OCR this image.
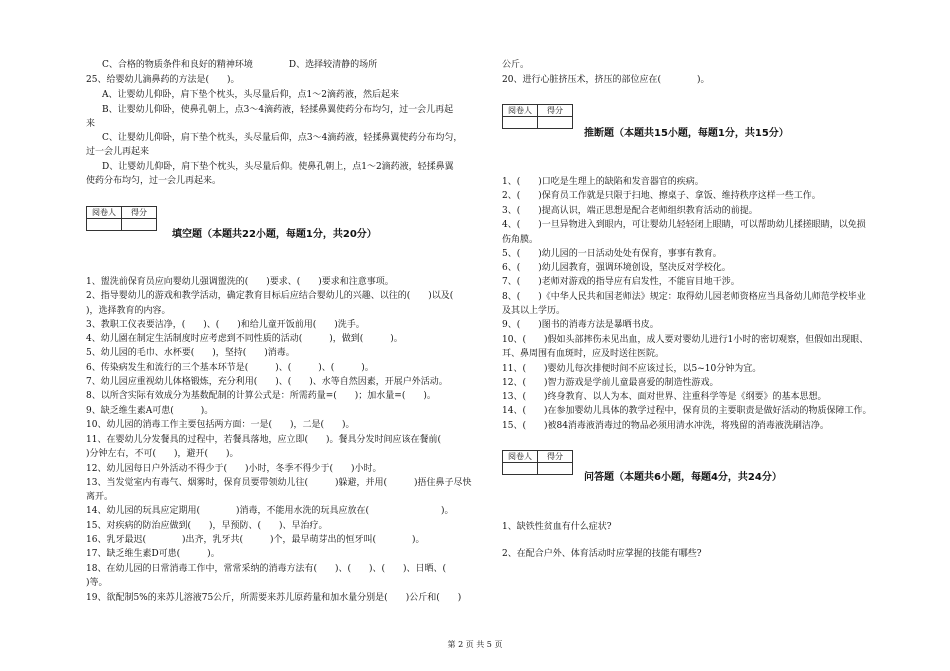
C、合格的物质条件和良好的精神环境　　　　D、选择较清静的场所
25、给婴幼儿滴鼻药的方法是(　　)。
A、让婴幼儿仰卧，肩下垫个枕头，头尽量后仰，点1～2滴药液，然后起来
B、让婴幼儿仰卧，使鼻孔朝上，点3～4滴药液，轻揉鼻翼使药分布均匀，过一会儿再起
来
C、让婴幼儿仰卧，肩下垫个枕头，头尽量后仰，点3～4滴药液，轻揉鼻翼使药分布均匀，
过一会儿再起来
D、让婴幼儿仰卧，肩下垫个枕头，头尽量后仰。使鼻孔朝上，点1～2滴药液，轻揉鼻翼
使药分布均匀，过一会儿再起来。
阅卷人	得分

填空题（本题共22小题，每题1分，共20分）
1、盥洗前保育员应向婴幼儿强调盥洗的(　　)要求、(　　)要求和注意事项。
2、指导婴幼儿的游戏和教学活动，确定教育目标后应结合婴幼儿的兴趣、以往的(　　)以及(
)，选择教育的内容。
3、教职工仪表要洁净，(　　)、(　　)和给儿童开饭前用(　　)洗手。
4、幼儿園在制定生活制度时应考虑到不同性质的活动(　　　)，做到(　　　)。
5、幼儿园的毛巾、水杯要(　　)，坚持(　　)消毒。
6、传染病发生和流行的三个基本环节是(　　　)、(　　　)、(　　　)。
7、幼儿园应重视幼儿体格锻炼，充分利用(　　)、(　　)、水等自然因素，开展户外活动。
8、以所含实际有效成分为基数配制的计算公式是：所需药量=(　　)；加水量=(　　)。
9、缺乏维生素A可患(　　　)。
10、幼儿园的消毒工作主要包括两方面：一是(　　)，二是(　　)。
11、在婴幼儿分发餐具的过程中，若餐具落地，应立即(　　)。餐具分发时间应该在餐前(
)分钟左右，不可(　　)，避开(　　)。
12、幼儿园每日户外活动不得少于(　　)小时，冬季不得少于(　　)小时。
13、当发觉室内有毒气、烟雾时，保育员要带领幼儿往(　　　)躲避，并用(　　　)捂住鼻子尽快
离开。
14、幼儿园的玩具应定期用(　　　　)消毒，不能用水洗的玩具应放在(　　　　　　　　)。
15、对疾病的防治应做到(　　)，早预防、(　　)、早治疗。
16、乳牙最迟(　　　　)出齐，乳牙共(　　　)个，最早萌芽出的恒牙叫(　　　　)。
17、缺乏维生素D可患(　　　)。
18、在幼儿园的日常消毒工作中，常常采纳的消毒方法有(　　)、(　　)、(　　)、日晒、(　　
)等。
19、欲配制5%的来苏儿溶液75公斤，所需要来苏儿原药量和加水量分别是(　　)公斤和(　　)
公斤。
20、进行心脏挤压术，挤压的部位应在(　　　　)。
阅卷人	得分

推断题（本题共15小题，每题1分，共15分）
1、(　　)口吃是生理上的缺陷和发音器官的疾病。
2、(　　)保育员工作就是只限于扫地、擦桌子、拿饭、维持秩序这样一些工作。
3、(　　)提高认识，端正思想是配合老师组织教育活动的前提。
4、(　　)一旦异物进入到眼内，可让婴幼儿轻轻闭上眼睛，可以帮助幼儿揉搓眼睛，以免损
伤角膜。
5、(　　)幼儿园的一日活动处处有保育，事事有教育。
6、(　　)幼儿园教育，强调环境创设，坚决反对学校化。
7、(　　)老师对游戏的指导应有启发性，不能盲目地干涉。
8、(　　)《中华人民共和国老师法》规定：取得幼儿园老师资格应当具备幼儿师范学校毕业
及其以上学历。
9、(　　)图书的消毒方法是暴晒书皮。
10、(　　)假如头部摔伤未见出血，成人要对婴幼儿进行1小时的密切观察，但假如出现眼、
耳、鼻周围有血斑时，应及时送往医院。
11、(　　)婴幼儿每次排便时间不应该过长，以5~10分钟为宜。
12、(　　)智力游戏是学前儿童最喜爱的制造性游戏。
13、(　　)终身教育、以人为本、面对世界、注重科学等是《纲要》的基本思想。
14、(　　)在参加婴幼儿具体的教学过程中，保育员的主要职责是做好活动的物质保障工作。
15、(　　)被84消毒液消毒过的物品必须用清水冲洗，将残留的消毒液洗刷洁净。
阅卷人	得分

问答题（本题共6小题，每题4分，共24分）
1、缺铁性贫血有什么症状?
2、在配合户外、体育活动时应掌握的技能有哪些?
第 2 页 共 5 页
